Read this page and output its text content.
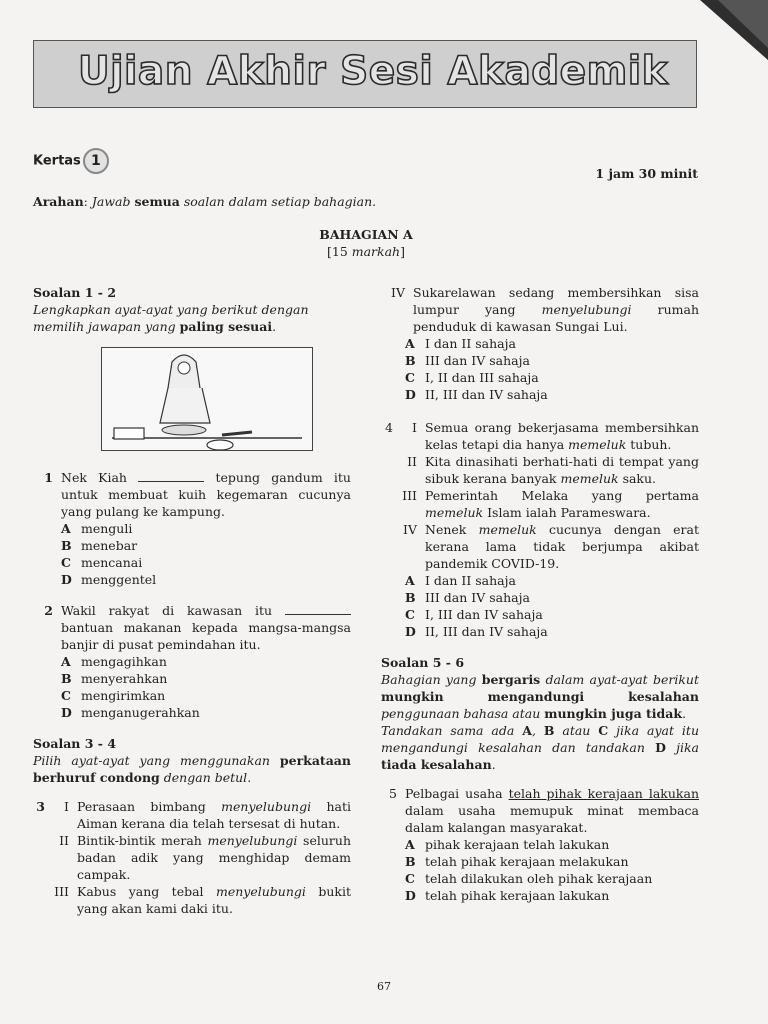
Ujian Akhir Sesi Akademik
Kertas 1
1 jam 30 minit
Arahan: Jawab semua soalan dalam setiap bahagian.
BAHAGIAN A
[15 markah]
Soalan 1 - 2
Lengkapkan ayat-ayat yang berikut dengan memilih jawapan yang paling sesuai.
1 Nek Kiah	tepung gandum itu untuk membuat kuih kegemaran cucunya yang pulang ke kampung.
A menguli
B menebar
C mencanai
D menggentel
2 Wakil rakyat di kawasan itu  bantuan makanan kepada mangsa-mangsa banjir di pusat pemindahan itu.
A mengagihkan
B menyerahkan
C mengirimkan
D menganugerahkan
Soalan 3 - 4
Pilih ayat-ayat yang menggunakan perkataan berhuruf condong dengan betul.
3	I Perasaan bimbang menyelubungi hati Aiman kerana dia telah tersesat di hutan.
II Bintik-bintik merah menyelubungi seluruh badan adik yang menghidap demam campak.
III Kabus yang tebal menyelubungi bukit yang akan kami daki itu.
IV Sukarelawan sedang membersihkan sisa lumpur yang menyelubungi rumah penduduk di kawasan Sungai Lui.
A I dan II sahaja
B III dan IV sahaja
C I, II dan III sahaja
D II, III dan IV sahaja
4	I Semua orang bekerjasama membersihkan kelas tetapi dia hanya memeluk tubuh.
II Kita dinasihati berhati-hati di tempat yang sibuk kerana banyak memeluk saku.
III Pemerintah Melaka yang pertama memeluk Islam ialah Parameswara.
IV Nenek memeluk cucunya dengan erat kerana lama tidak berjumpa akibat pandemik COVID-19.
A I dan II sahaja
B III dan IV sahaja
C I, III dan IV sahaja
D II, III dan IV sahaja
Soalan 5 - 6
Bahagian yang bergaris dalam ayat-ayat berikut mungkin mengandungi kesalahan penggunaan bahasa atau mungkin juga tidak.
Tandakan sama ada A, B atau C jika ayat itu mengandungi kesalahan dan tandakan D jika tiada kesalahan.
5 Pelbagai usaha telah pihak kerajaan lakukan dalam usaha memupuk minat membaca dalam kalangan masyarakat.
A pihak kerajaan telah lakukan
B telah pihak kerajaan melakukan
C telah dilakukan oleh pihak kerajaan
D telah pihak kerajaan lakukan
67
